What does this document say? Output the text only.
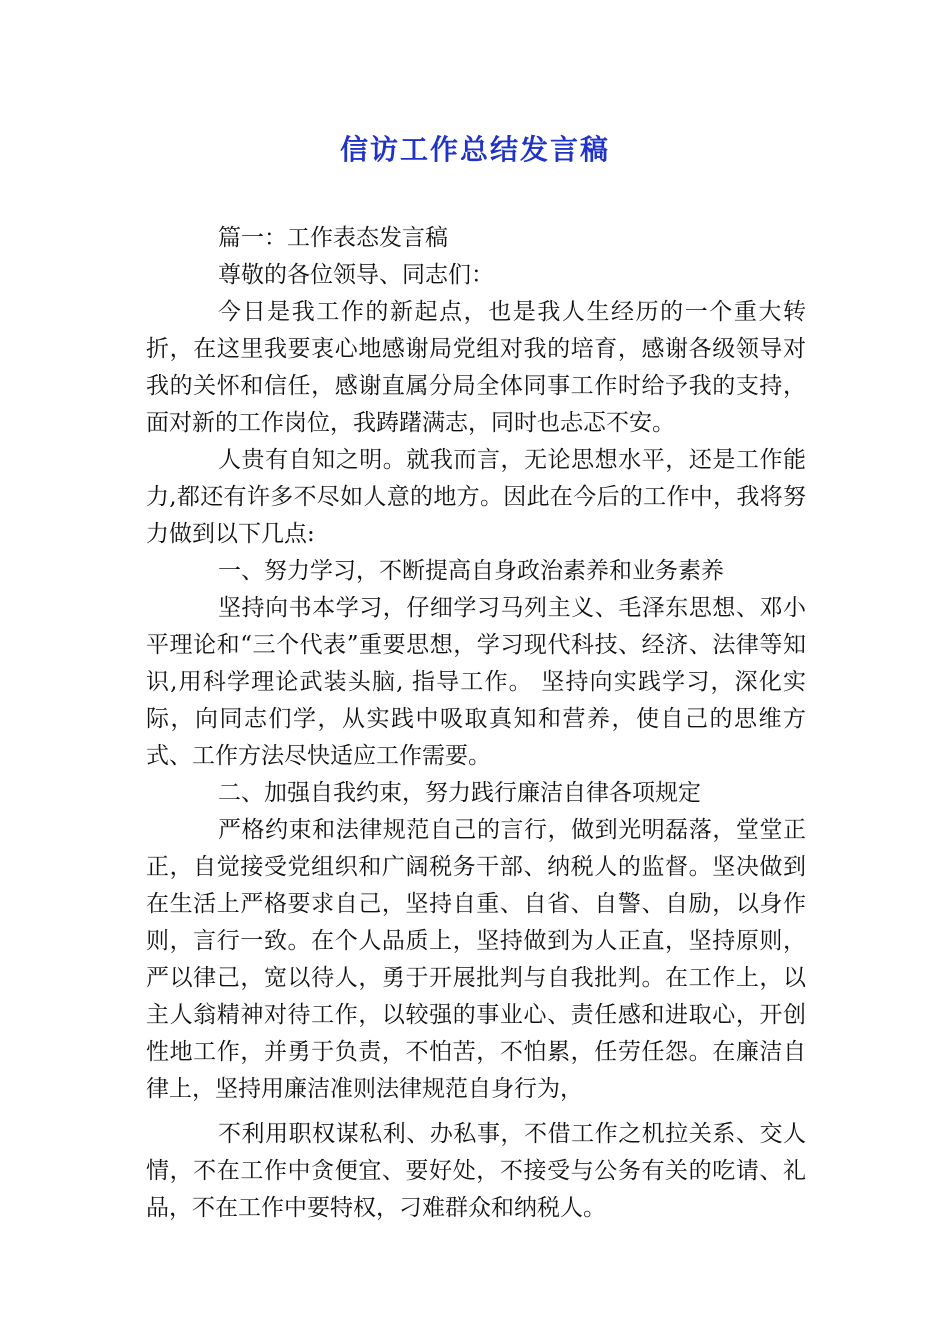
信访工作总结发言稿

篇一：工作表态发言稿

尊敬的各位领导、同志们：

今日是我工作的新起点，也是我人生经历的一个重大转折，在这里我要衷心地感谢局党组对我的培育，感谢各级领导对我的关怀和信任，感谢直属分局全体同事工作时给予我的支持，面对新的工作岗位，我踌躇满志，同时也忐忑不安。

人贵有自知之明。就我而言，无论思想水平，还是工作能力,都还有许多不尽如人意的地方。因此在今后的工作中，我将努力做到以下几点:

一、努力学习，不断提高自身政治素养和业务素养

坚持向书本学习，仔细学习马列主义、毛泽东思想、邓小平理论和“三个代表”重要思想，学习现代科技、经济、法律等知识,用科学理论武装头脑, 指导工作。 坚持向实践学习，深化实际，向同志们学，从实践中吸取真知和营养，使自己的思维方式、工作方法尽快适应工作需要。

二、加强自我约束，努力践行廉洁自律各项规定

严格约束和法律规范自己的言行，做到光明磊落，堂堂正正，自觉接受党组织和广阔税务干部、纳税人的监督。坚决做到在生活上严格要求自己，坚持自重、自省、自警、自励，以身作则，言行一致。在个人品质上，坚持做到为人正直，坚持原则，严以律己，宽以待人，勇于开展批判与自我批判。在工作上，以主人翁精神对待工作，以较强的事业心、责任感和进取心，开创性地工作，并勇于负责，不怕苦，不怕累，任劳任怨。在廉洁自律上，坚持用廉洁准则法律规范自身行为，

不利用职权谋私利、办私事，不借工作之机拉关系、交人情，不在工作中贪便宜、要好处，不接受与公务有关的吃请、礼品，不在工作中要特权，刁难群众和纳税人。
